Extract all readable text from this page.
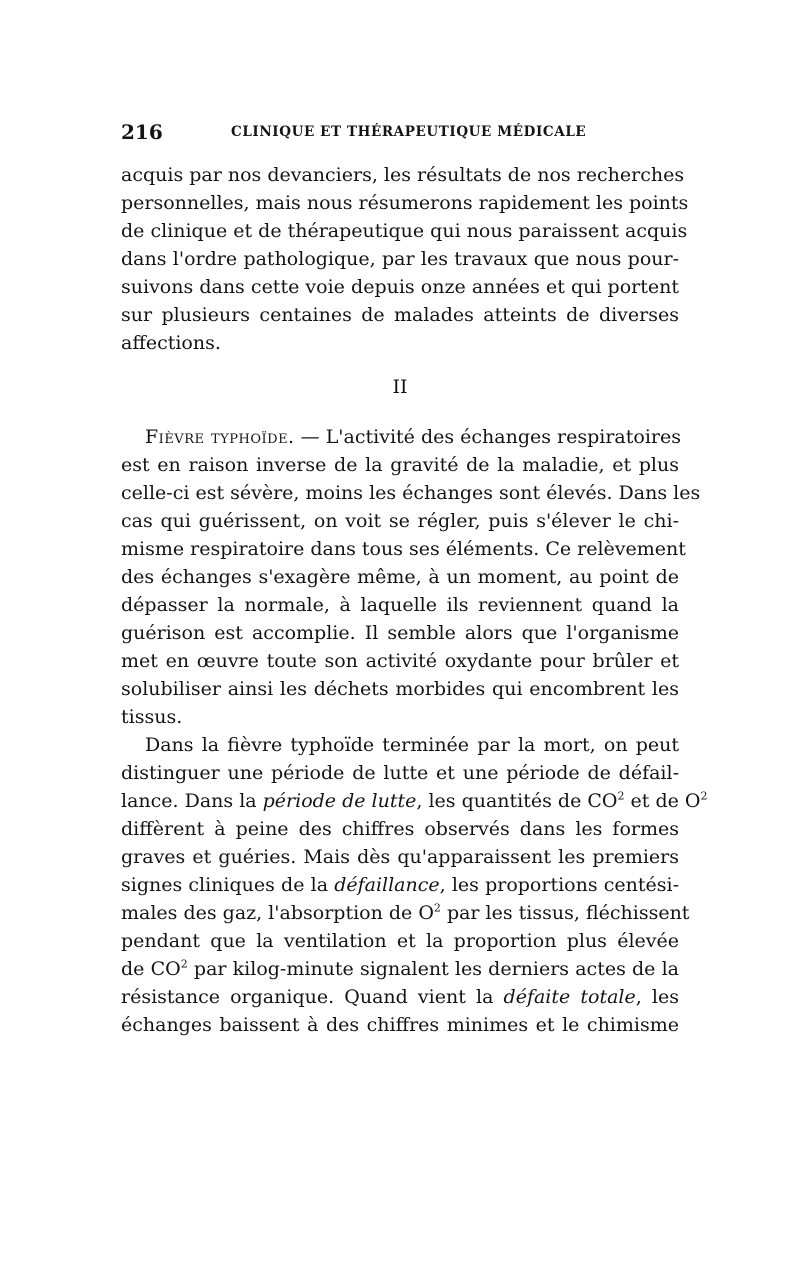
216	CLINIQUE ET THÉRAPEUTIQUE MÉDICALE
acquis par nos devanciers, les résultats de nos recherches
personnelles, mais nous résumerons rapidement les points
de clinique et de thérapeutique qui nous paraissent acquis
dans l'ordre pathologique, par les travaux que nous pour-
suivons dans cette voie depuis onze années et qui portent
sur plusieurs centaines de malades atteints de diverses
affections.
II
Fièvre typhoïde. — L'activité des échanges respiratoires
est en raison inverse de la gravité de la maladie, et plus
celle-ci est sévère, moins les échanges sont élevés. Dans les
cas qui guérissent, on voit se régler, puis s'élever le chi-
misme respiratoire dans tous ses éléments. Ce relèvement
des échanges s'exagère même, à un moment, au point de
dépasser la normale, à laquelle ils reviennent quand la
guérison est accomplie. Il semble alors que l'organisme
met en œuvre toute son activité oxydante pour brûler et
solubiliser ainsi les déchets morbides qui encombrent les
tissus.
Dans la fièvre typhoïde terminée par la mort, on peut
distinguer une période de lutte et une période de défail-
lance. Dans la période de lutte, les quantités de $CO^2$ et de $O^2$
diffèrent à peine des chiffres observés dans les formes
graves et guéries. Mais dès qu'apparaissent les premiers
signes cliniques de la défaillance, les proportions centési-
males des gaz, l'absorption de $O^2$ par les tissus, fléchissent
pendant que la ventilation et la proportion plus élevée
de $CO^2$ par kilog-minute signalent les derniers actes de la
résistance organique. Quand vient la défaite totale, les
échanges baissent à des chiffres minimes et le chimisme
